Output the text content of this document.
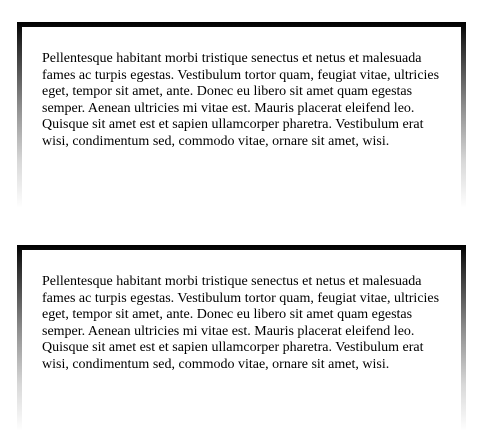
Pellentesque habitant morbi tristique senectus et netus et malesuada fames ac turpis egestas. Vestibulum tortor quam, feugiat vitae, ultricies eget, tempor sit amet, ante. Donec eu libero sit amet quam egestas semper. Aenean ultricies mi vitae est. Mauris placerat eleifend leo. Quisque sit amet est et sapien ullamcorper pharetra. Vestibulum erat wisi, condimentum sed, commodo vitae, ornare sit amet, wisi.

Pellentesque habitant morbi tristique senectus et netus et malesuada fames ac turpis egestas. Vestibulum tortor quam, feugiat vitae, ultricies eget, tempor sit amet, ante. Donec eu libero sit amet quam egestas semper. Aenean ultricies mi vitae est. Mauris placerat eleifend leo. Quisque sit amet est et sapien ullamcorper pharetra. Vestibulum erat wisi, condimentum sed, commodo vitae, ornare sit amet, wisi.
